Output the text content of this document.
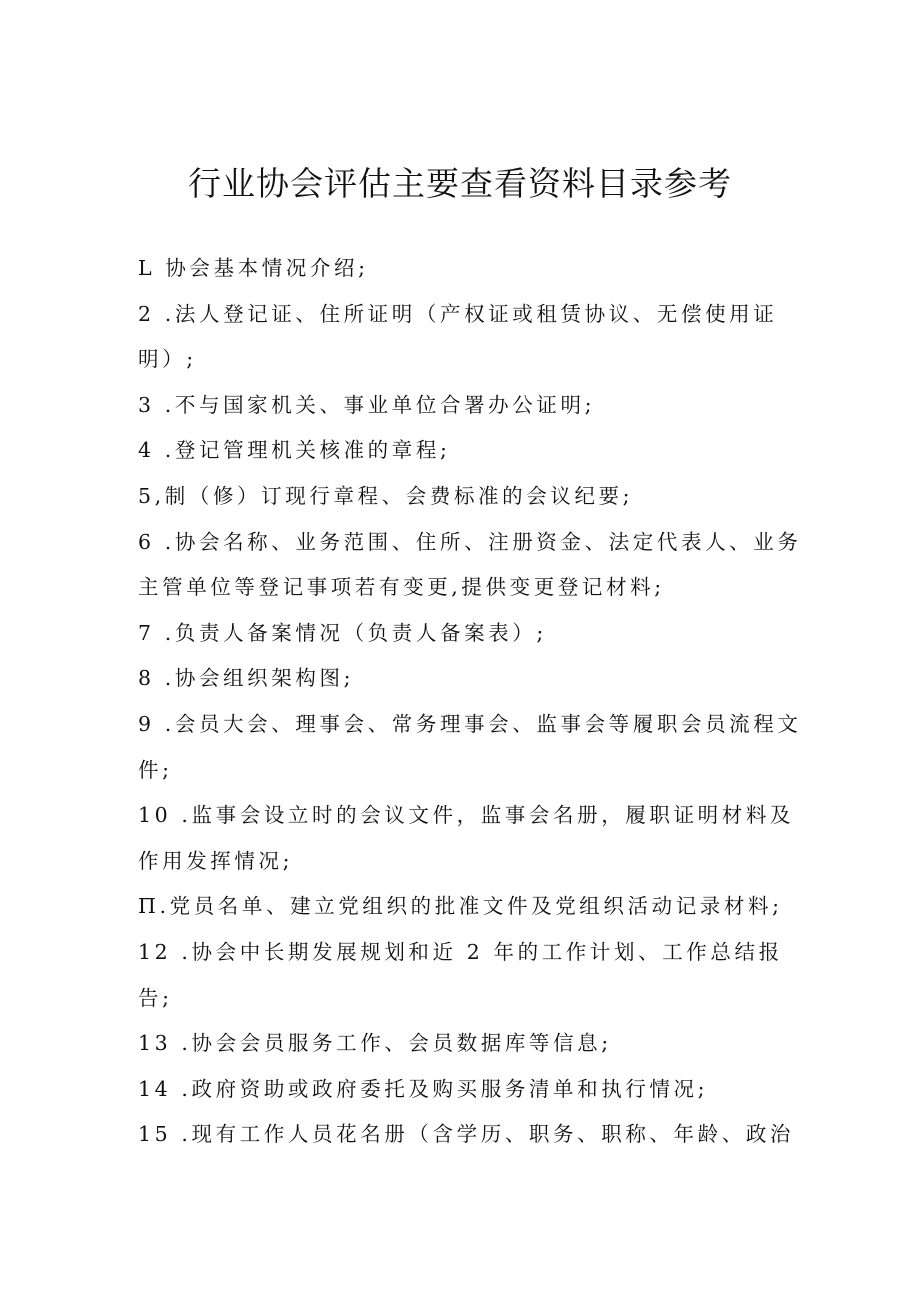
行业协会评估主要查看资料目录参考
L 协会基本情况介绍;
2 .法人登记证、住所证明（产权证或租赁协议、无偿使用证
明）;
3 .不与国家机关、事业单位合署办公证明;
4 .登记管理机关核准的章程;
5,制（修）订现行章程、会费标准的会议纪要;
6 .协会名称、业务范围、住所、注册资金、法定代表人、业务
主管单位等登记事项若有变更,提供变更登记材料;
7 .负责人备案情况（负责人备案表）;
8 .协会组织架构图;
9 .会员大会、理事会、常务理事会、监事会等履职会员流程文
件;
10 .监事会设立时的会议文件，监事会名册，履职证明材料及
作用发挥情况;
Π.党员名单、建立党组织的批准文件及党组织活动记录材料;
12 .协会中长期发展规划和近 2 年的工作计划、工作总结报
告;
13 .协会会员服务工作、会员数据库等信息;
14 .政府资助或政府委托及购买服务清单和执行情况;
15 .现有工作人员花名册（含学历、职务、职称、年龄、政治
